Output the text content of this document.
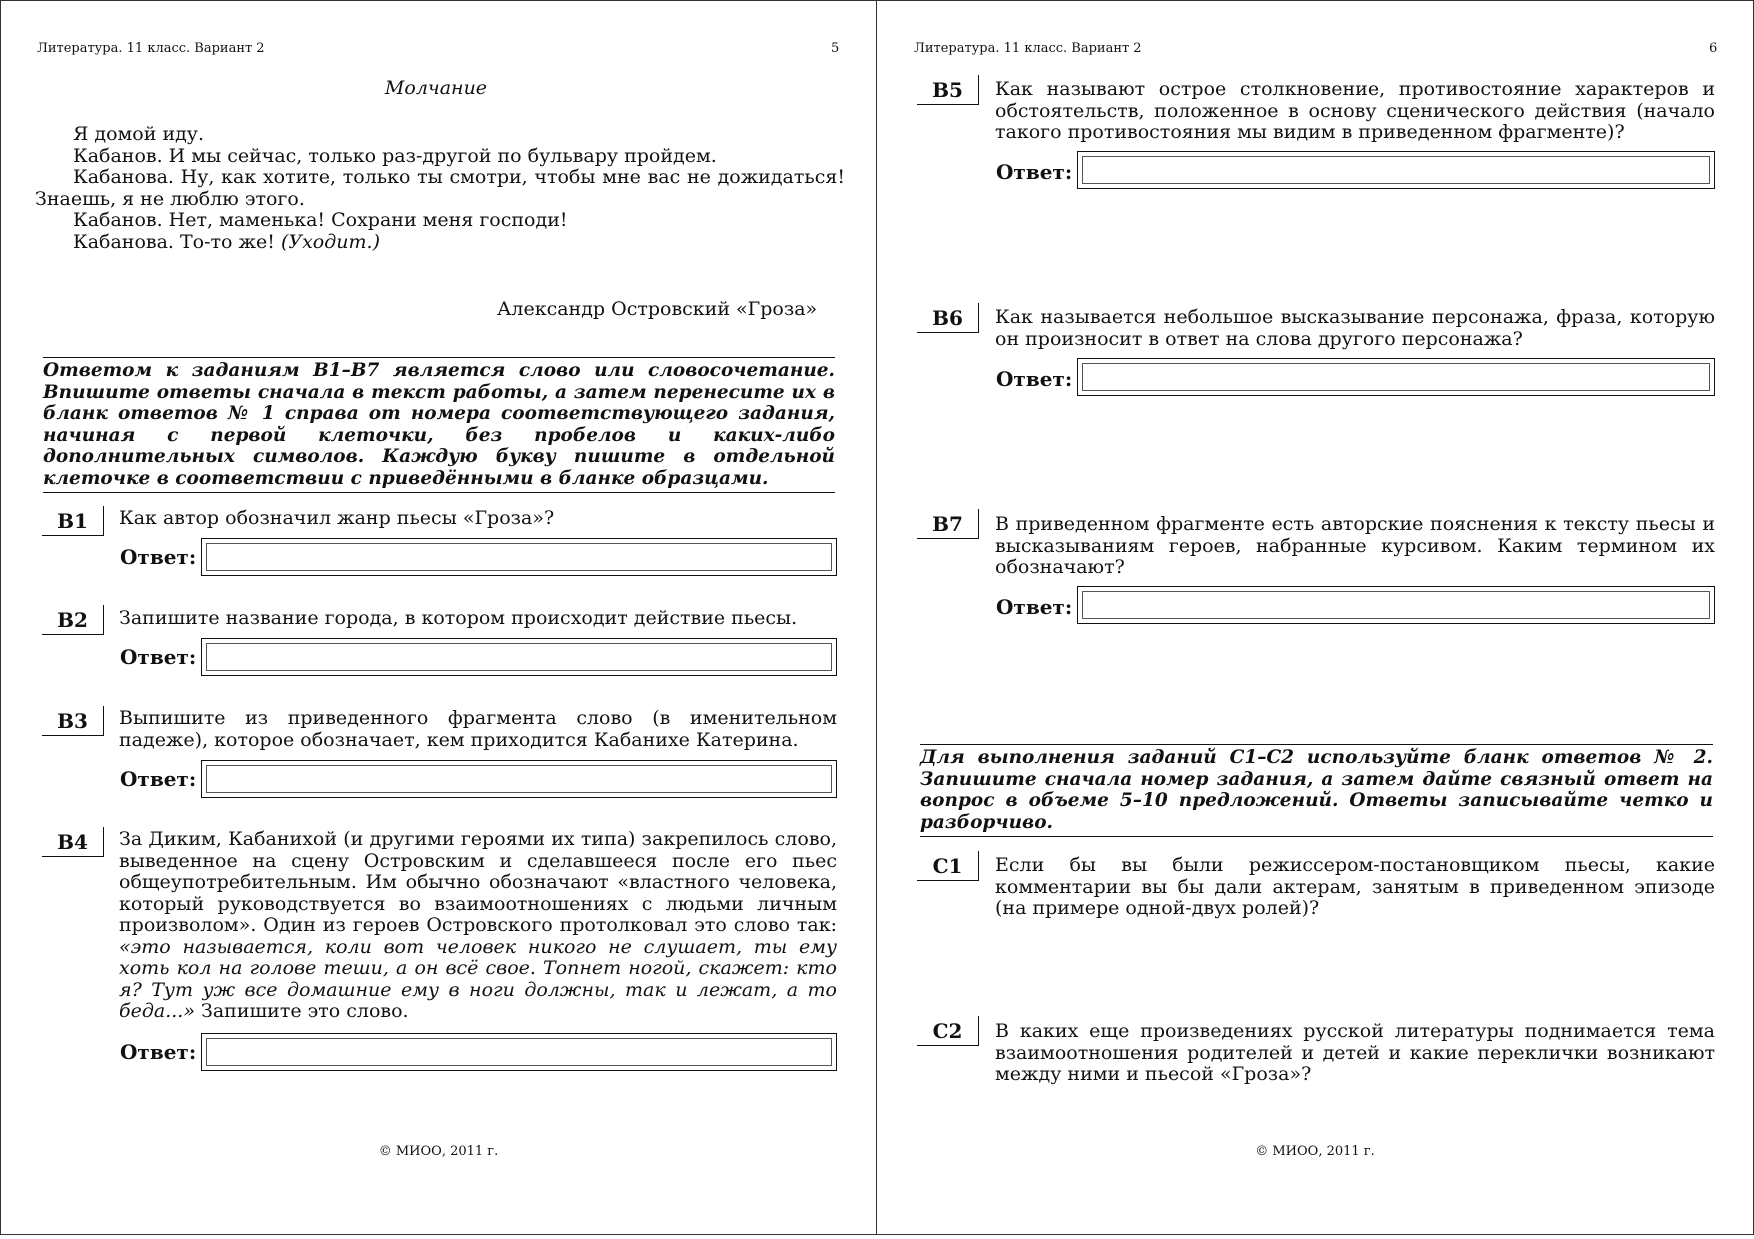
Литература. 11 класс. Вариант 2	5
Молчание

Я домой иду.

Кабанов. И мы сейчас, только раз-другой по бульвару пройдем.

Кабанова. Ну, как хотите, только ты смотри, чтобы мне вас не дожидаться! Знаешь, я не люблю этого.

Кабанов. Нет, маменька! Сохрани меня господи!

Кабанова. То-то же! (Уходит.)

Александр Островский «Гроза»
Ответом к заданиям B1–B7 является слово или словосочетание. Впишите ответы сначала в текст работы, а затем перенесите их в бланк ответов № 1 справа от номера соответствующего задания, начиная с первой клеточки, без пробелов и каких-либо дополнительных символов. Каждую букву пишите в отдельной клеточке в соответствии с приведёнными в бланке образцами.
B1	Как автор обозначил жанр пьесы «Гроза»?
Ответ:
B2	Запишите название города, в котором происходит действие пьесы.
Ответ:
B3	Выпишите из приведенного фрагмента слово (в именительном падеже), которое обозначает, кем приходится Кабанихе Катерина.
Ответ:
B4	За Диким, Кабанихой (и другими героями их типа) закрепилось слово, выведенное на сцену Островским и сделавшееся после его пьес общеупотребительным. Им обычно обозначают «властного человека, который руководствуется во взаимоотношениях с людьми личным произволом». Один из героев Островского протолковал это слово так: «это называется, коли вот человек никого не слушает, ты ему хоть кол на голове теши, а он всё свое. Топнет ногой, скажет: кто я? Тут уж все домашние ему в ноги должны, так и лежат, а то беда...» Запишите это слово.
Ответ:
© МИОО, 2011 г.
Литература. 11 класс. Вариант 2	6
B5	Как называют острое столкновение, противостояние характеров и обстоятельств, положенное в основу сценического действия (начало такого противостояния мы видим в приведенном фрагменте)?
Ответ:
B6	Как называется небольшое высказывание персонажа, фраза, которую он произносит в ответ на слова другого персонажа?
Ответ:
B7	В приведенном фрагменте есть авторские пояснения к тексту пьесы и высказываниям героев, набранные курсивом. Каким термином их обозначают?
Ответ:
Для выполнения заданий С1–С2 используйте бланк ответов № 2. Запишите сначала номер задания, а затем дайте связный ответ на вопрос в объеме 5–10 предложений. Ответы записывайте четко и разборчиво.
С1	Если бы вы были режиссером-постановщиком пьесы, какие комментарии вы бы дали актерам, занятым в приведенном эпизоде (на примере одной-двух ролей)?
С2	В каких еще произведениях русской литературы поднимается тема взаимоотношения родителей и детей и какие переклички возникают между ними и пьесой «Гроза»?
© МИОО, 2011 г.
